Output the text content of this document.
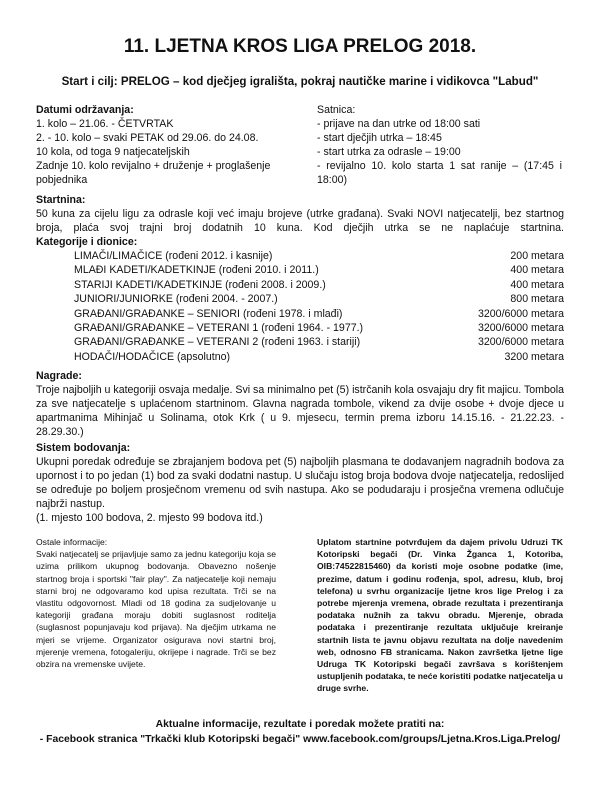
11. LJETNA KROS LIGA PRELOG 2018.
Start i cilj: PRELOG – kod dječjeg igrališta, pokraj nautičke marine i vidikovca "Labud"
Datumi održavanja:
1. kolo – 21.06. - ČETVRTAK
2. - 10. kolo – svaki PETAK od 29.06. do 24.08.
10 kola, od toga 9 natjecateljskih
Zadnje 10. kolo revijalno + druženje + proglašenje
pobjednika
Satnica:
- prijave na dan utrke od 18:00 sati
- start dječjih utrka – 18:45
- start utrka za odrasle – 19:00
- revijalno 10. kolo starta 1 sat ranije – (17:45 i
18:00)
Startnina:
50 kuna za cijelu ligu za odrasle koji već imaju brojeve (utrke građana). Svaki NOVI natjecatelji, bez startnog
broja, plaća svoj trajni broj dodatnih 10 kuna. Kod dječjih utrka se ne naplaćuje startnina.
Kategorije i dionice:
LIMAČI/LIMAČICE (rođeni 2012. i kasnije)	200 metara
MLAĐI KADETI/KADETKINJE (rođeni 2010. i 2011.)	400 metara
STARIJI KADETI/KADETKINJE (rođeni 2008. i 2009.)	400 metara
JUNIORI/JUNIORKE (rođeni 2004. - 2007.)	800 metara
GRAĐANI/GRAĐANKE – SENIORI (rođeni 1978. i mlađi)	3200/6000 metara
GRAĐANI/GRAĐANKE – VETERANI 1 (rođeni 1964. - 1977.)	3200/6000 metara
GRAĐANI/GRAĐANKE – VETERANI 2 (rođeni 1963. i stariji)	3200/6000 metara
HODAČI/HODAČICE (apsolutno)	3200 metara
Nagrade:
Troje najboljih u kategoriji osvaja medalje. Svi sa minimalno pet (5) istrčanih kola osvajaju dry fit majicu. Tombola za sve natjecatelje s uplaćenom startninom. Glavna nagrada tombole, vikend za dvije osobe + dvoje djece u apartmanima Mihinjač u Solinama, otok Krk ( u 9. mjesecu, termin prema izboru 14.15.16. - 21.22.23. - 28.29.30.)
Sistem bodovanja:
Ukupni poredak određuje se zbrajanjem bodova pet (5) najboljih plasmana te dodavanjem nagradnih bodova za upornost i to po jedan (1) bod za svaki dodatni nastup. U slučaju istog broja bodova dvoje natjecatelja, redoslijed se određuje po boljem prosječnom vremenu od svih nastupa. Ako se podudaraju i prosječna vremena odlučuje najbrži nastup.
(1. mjesto 100 bodova, 2. mjesto 99 bodova itd.)
Ostale informacije:
Svaki natjecatelj se prijavljuje samo za jednu kategoriju koja se uzima prilikom ukupnog bodovanja. Obavezno nošenje startnog broja i sportski "fair play". Za natjecatelje koji nemaju starni broj ne odgovaramo kod upisa rezultata. Trči se na vlastitu odgovornost. Mladi od 18 godina za sudjelovanje u kategoriji građana moraju dobiti suglasnost roditelja (suglasnost popunjavaju kod prijava). Na dječjim utrkama ne mjeri se vrijeme. Organizator osigurava novi startni broj, mjerenje vremena, fotogaleriju, okrijepe i nagrade. Trči se bez obzira na vremenske uvijete.
Uplatom startnine potvrđujem da dajem privolu Udruzi TK Kotoripski begači (Dr. Vinka Žganca 1, Kotoriba, OIB:74522815460) da koristi moje osobne podatke (ime, prezime, datum i godinu rođenja, spol, adresu, klub, broj telefona) u svrhu organizacije ljetne kros lige Prelog i za potrebe mjerenja vremena, obrade rezultata i prezentiranja podataka nužnih za takvu obradu. Mjerenje, obrada podataka i prezentiranje rezultata uključuje kreiranje startnih lista te javnu objavu rezultata na dolje navedenim web, odnosno FB stranicama. Nakon završetka ljetne lige Udruga TK Kotoripski begači završava s korištenjem ustupljenih podataka, te neće koristiti podatke natjecatelja u druge svrhe.
Aktualne informacije, rezultate i poredak možete pratiti na:
- Facebook stranica "Trkački klub Kotoripski begači" www.facebook.com/groups/Ljetna.Kros.Liga.Prelog/
